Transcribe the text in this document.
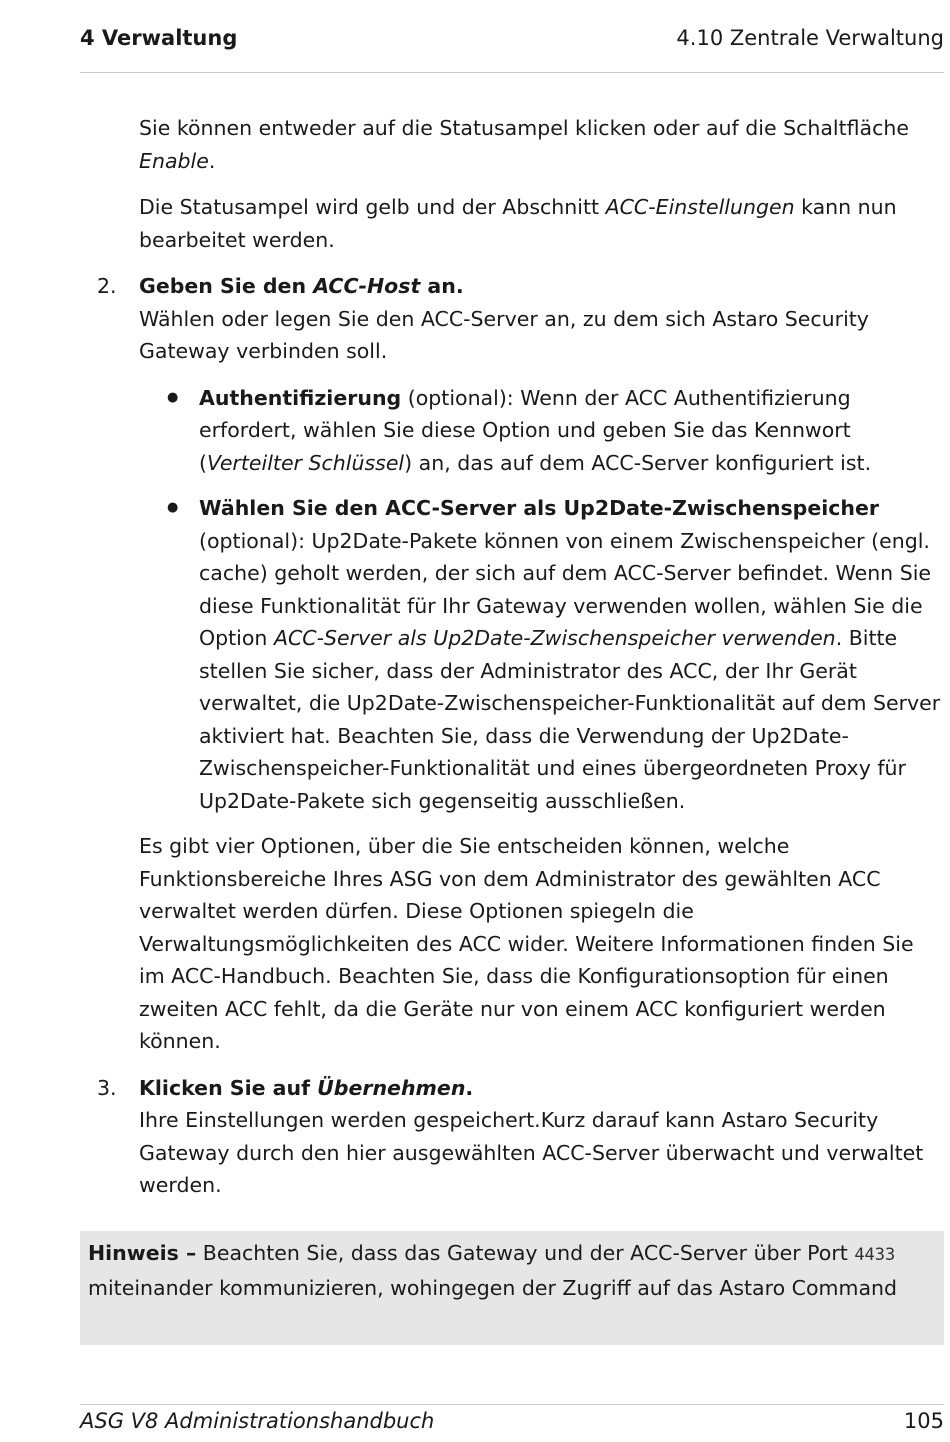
4 Verwaltung	4.10 Zentrale Verwaltung

Sie können entweder auf die Statusampel klicken oder auf die Schaltfläche Enable.

Die Statusampel wird gelb und der Abschnitt ACC-Einstellungen kann nun bearbeitet werden.

2. Geben Sie den ACC-Host an.
Wählen oder legen Sie den ACC-Server an, zu dem sich Astaro Security Gateway verbinden soll.
● Authentifizierung (optional): Wenn der ACC Authentifizierung erfordert, wählen Sie diese Option und geben Sie das Kennwort (Verteilter Schlüssel) an, das auf dem ACC-Server konfiguriert ist.
● Wählen Sie den ACC-Server als Up2Date-Zwischenspeicher (optional): Up2Date-Pakete können von einem Zwischenspeicher (engl. cache) geholt werden, der sich auf dem ACC-Server befindet. Wenn Sie diese Funktionalität für Ihr Gateway verwenden wollen, wählen Sie die Option ACC-Server als Up2Date-Zwischenspeicher verwenden. Bitte stellen Sie sicher, dass der Administrator des ACC, der Ihr Gerät verwaltet, die Up2Date-Zwischenspeicher-Funktionalität auf dem Server aktiviert hat. Beachten Sie, dass die Verwendung der Up2Date-Zwischenspeicher-Funktionalität und eines übergeordneten Proxy für Up2Date-Pakete sich gegenseitig ausschließen.

Es gibt vier Optionen, über die Sie entscheiden können, welche Funktionsbereiche Ihres ASG von dem Administrator des gewählten ACC verwaltet werden dürfen. Diese Optionen spiegeln die Verwaltungsmöglichkeiten des ACC wider. Weitere Informationen finden Sie im ACC-Handbuch. Beachten Sie, dass die Konfigurationsoption für einen zweiten ACC fehlt, da die Geräte nur von einem ACC konfiguriert werden können.

3. Klicken Sie auf Übernehmen.
Ihre Einstellungen werden gespeichert.Kurz darauf kann Astaro Security Gateway durch den hier ausgewählten ACC-Server überwacht und verwaltet werden.
Hinweis – Beachten Sie, dass das Gateway und der ACC-Server über Port 4433 miteinander kommunizieren, wohingegen der Zugriff auf das Astaro Command
ASG V8 Administrationshandbuch	105
